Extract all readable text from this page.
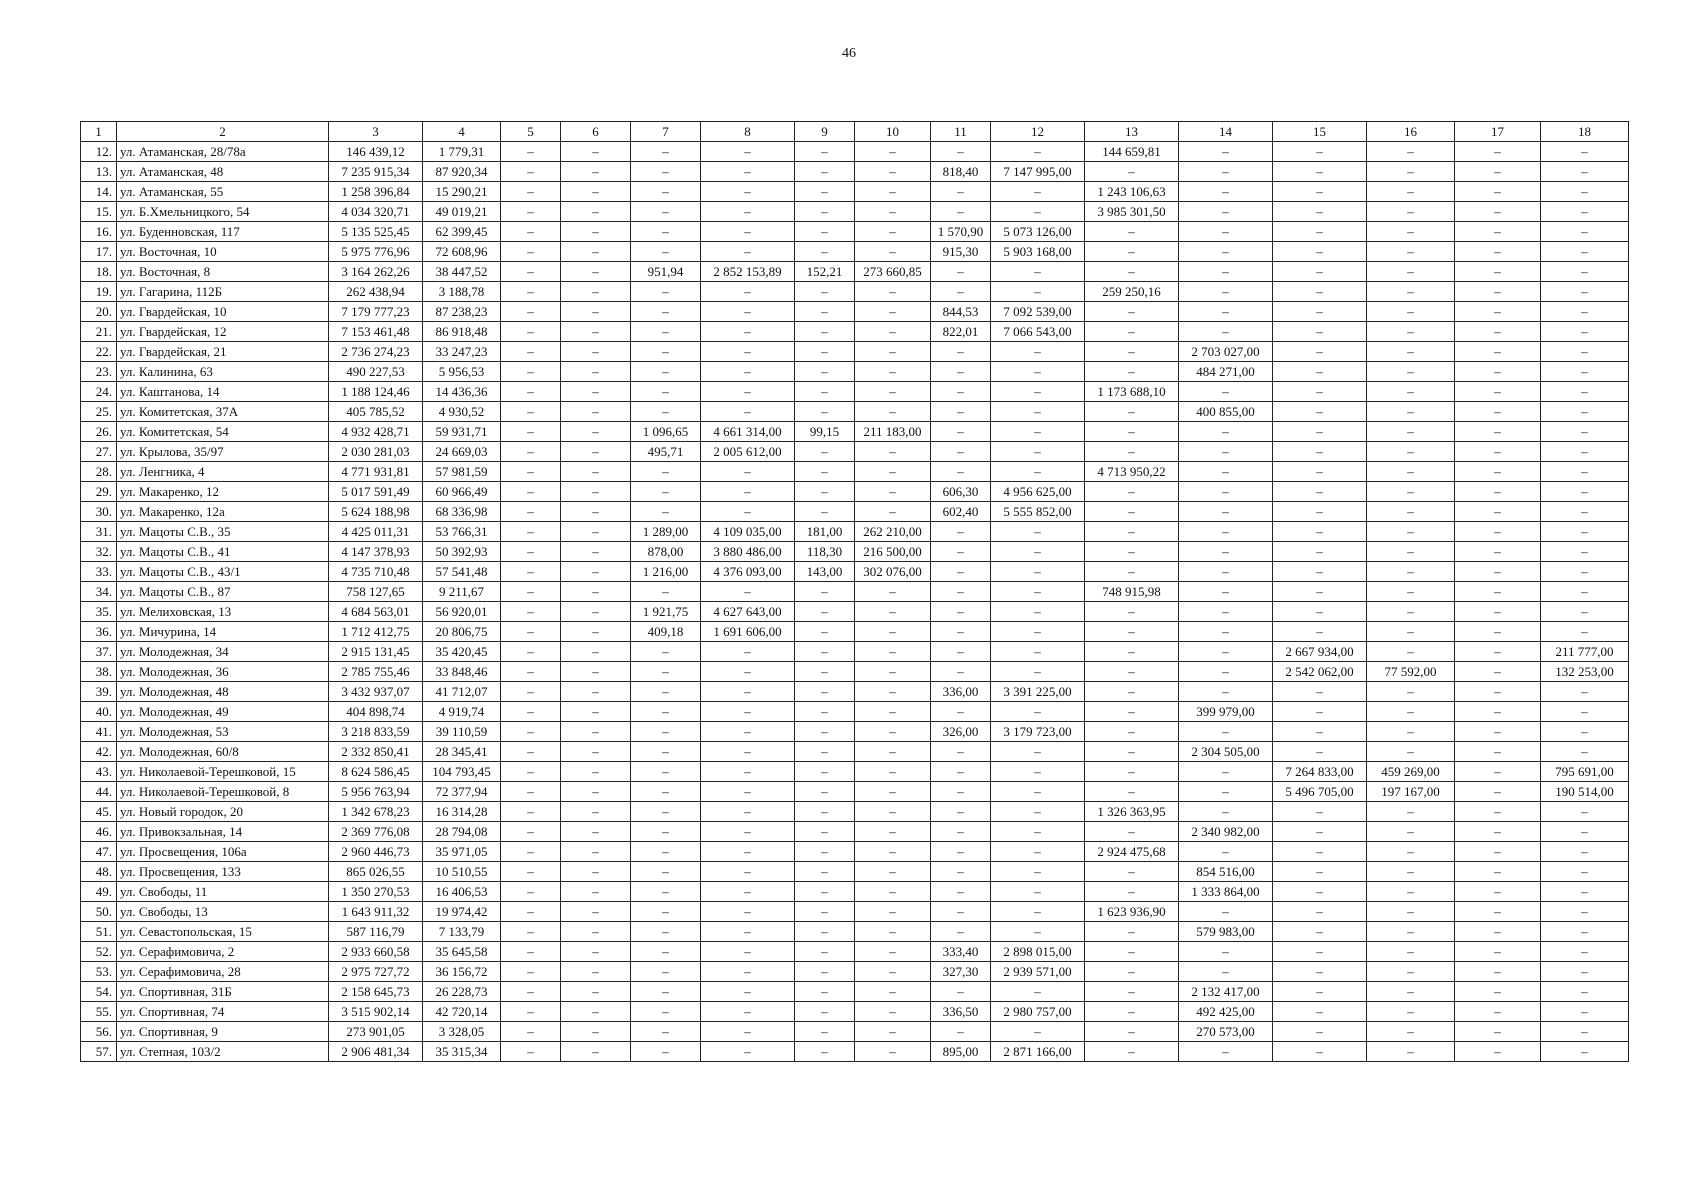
46
1	2	3	4	5	6	7	8	9	10	11	12	13	14	15	16	17	18
12.	ул. Атаманская, 28/78а	146 439,12	1 779,31	–	–	–	–	–	–	–	–	144 659,81	–	–	–	–	–
13.	ул. Атаманская, 48	7 235 915,34	87 920,34	–	–	–	–	–	–	818,40	7 147 995,00	–	–	–	–	–	–
14.	ул. Атаманская, 55	1 258 396,84	15 290,21	–	–	–	–	–	–	–	–	1 243 106,63	–	–	–	–	–
15.	ул. Б.Хмельницкого, 54	4 034 320,71	49 019,21	–	–	–	–	–	–	–	–	3 985 301,50	–	–	–	–	–
16.	ул. Буденновская, 117	5 135 525,45	62 399,45	–	–	–	–	–	–	1 570,90	5 073 126,00	–	–	–	–	–	–
17.	ул. Восточная, 10	5 975 776,96	72 608,96	–	–	–	–	–	–	915,30	5 903 168,00	–	–	–	–	–	–
18.	ул. Восточная, 8	3 164 262,26	38 447,52	–	–	951,94	2 852 153,89	152,21	273 660,85	–	–	–	–	–	–	–	–
19.	ул. Гагарина, 112Б	262 438,94	3 188,78	–	–	–	–	–	–	–	–	259 250,16	–	–	–	–	–
20.	ул. Гвардейская, 10	7 179 777,23	87 238,23	–	–	–	–	–	–	844,53	7 092 539,00	–	–	–	–	–	–
21.	ул. Гвардейская, 12	7 153 461,48	86 918,48	–	–	–	–	–	–	822,01	7 066 543,00	–	–	–	–	–	–
22.	ул. Гвардейская, 21	2 736 274,23	33 247,23	–	–	–	–	–	–	–	–	–	2 703 027,00	–	–	–	–
23.	ул. Калинина, 63	490 227,53	5 956,53	–	–	–	–	–	–	–	–	–	484 271,00	–	–	–	–
24.	ул. Каштанова, 14	1 188 124,46	14 436,36	–	–	–	–	–	–	–	–	1 173 688,10	–	–	–	–	–
25.	ул. Комитетская, 37А	405 785,52	4 930,52	–	–	–	–	–	–	–	–	–	400 855,00	–	–	–	–
26.	ул. Комитетская, 54	4 932 428,71	59 931,71	–	–	1 096,65	4 661 314,00	99,15	211 183,00	–	–	–	–	–	–	–	–
27.	ул. Крылова, 35/97	2 030 281,03	24 669,03	–	–	495,71	2 005 612,00	–	–	–	–	–	–	–	–	–	–
28.	ул. Ленгника, 4	4 771 931,81	57 981,59	–	–	–	–	–	–	–	–	4 713 950,22	–	–	–	–	–
29.	ул. Макаренко, 12	5 017 591,49	60 966,49	–	–	–	–	–	–	606,30	4 956 625,00	–	–	–	–	–	–
30.	ул. Макаренко, 12а	5 624 188,98	68 336,98	–	–	–	–	–	–	602,40	5 555 852,00	–	–	–	–	–	–
31.	ул. Мацоты С.В., 35	4 425 011,31	53 766,31	–	–	1 289,00	4 109 035,00	181,00	262 210,00	–	–	–	–	–	–	–	–
32.	ул. Мацоты С.В., 41	4 147 378,93	50 392,93	–	–	878,00	3 880 486,00	118,30	216 500,00	–	–	–	–	–	–	–	–
33.	ул. Мацоты С.В., 43/1	4 735 710,48	57 541,48	–	–	1 216,00	4 376 093,00	143,00	302 076,00	–	–	–	–	–	–	–	–
34.	ул. Мацоты С.В., 87	758 127,65	9 211,67	–	–	–	–	–	–	–	–	748 915,98	–	–	–	–	–
35.	ул. Мелиховская, 13	4 684 563,01	56 920,01	–	–	1 921,75	4 627 643,00	–	–	–	–	–	–	–	–	–	–
36.	ул. Мичурина, 14	1 712 412,75	20 806,75	–	–	409,18	1 691 606,00	–	–	–	–	–	–	–	–	–	–
37.	ул. Молодежная, 34	2 915 131,45	35 420,45	–	–	–	–	–	–	–	–	–	–	2 667 934,00	–	–	211 777,00
38.	ул. Молодежная, 36	2 785 755,46	33 848,46	–	–	–	–	–	–	–	–	–	–	2 542 062,00	77 592,00	–	132 253,00
39.	ул. Молодежная, 48	3 432 937,07	41 712,07	–	–	–	–	–	–	336,00	3 391 225,00	–	–	–	–	–	–
40.	ул. Молодежная, 49	404 898,74	4 919,74	–	–	–	–	–	–	–	–	–	399 979,00	–	–	–	–
41.	ул. Молодежная, 53	3 218 833,59	39 110,59	–	–	–	–	–	–	326,00	3 179 723,00	–	–	–	–	–	–
42.	ул. Молодежная, 60/8	2 332 850,41	28 345,41	–	–	–	–	–	–	–	–	–	2 304 505,00	–	–	–	–
43.	ул. Николаевой-Терешковой, 15	8 624 586,45	104 793,45	–	–	–	–	–	–	–	–	–	–	7 264 833,00	459 269,00	–	795 691,00
44.	ул. Николаевой-Терешковой, 8	5 956 763,94	72 377,94	–	–	–	–	–	–	–	–	–	–	5 496 705,00	197 167,00	–	190 514,00
45.	ул. Новый городок, 20	1 342 678,23	16 314,28	–	–	–	–	–	–	–	–	1 326 363,95	–	–	–	–	–
46.	ул. Привокзальная, 14	2 369 776,08	28 794,08	–	–	–	–	–	–	–	–	–	2 340 982,00	–	–	–	–
47.	ул. Просвещения, 106а	2 960 446,73	35 971,05	–	–	–	–	–	–	–	–	2 924 475,68	–	–	–	–	–
48.	ул. Просвещения, 133	865 026,55	10 510,55	–	–	–	–	–	–	–	–	–	854 516,00	–	–	–	–
49.	ул. Свободы, 11	1 350 270,53	16 406,53	–	–	–	–	–	–	–	–	–	1 333 864,00	–	–	–	–
50.	ул. Свободы, 13	1 643 911,32	19 974,42	–	–	–	–	–	–	–	–	1 623 936,90	–	–	–	–	–
51.	ул. Севастопольская, 15	587 116,79	7 133,79	–	–	–	–	–	–	–	–	–	579 983,00	–	–	–	–
52.	ул. Серафимовича, 2	2 933 660,58	35 645,58	–	–	–	–	–	–	333,40	2 898 015,00	–	–	–	–	–	–
53.	ул. Серафимовича, 28	2 975 727,72	36 156,72	–	–	–	–	–	–	327,30	2 939 571,00	–	–	–	–	–	–
54.	ул. Спортивная, 31Б	2 158 645,73	26 228,73	–	–	–	–	–	–	–	–	–	2 132 417,00	–	–	–	–
55.	ул. Спортивная, 74	3 515 902,14	42 720,14	–	–	–	–	–	–	336,50	2 980 757,00	–	492 425,00	–	–	–	–
56.	ул. Спортивная, 9	273 901,05	3 328,05	–	–	–	–	–	–	–	–	–	270 573,00	–	–	–	–
57.	ул. Степная, 103/2	2 906 481,34	35 315,34	–	–	–	–	–	–	895,00	2 871 166,00	–	–	–	–	–	–
